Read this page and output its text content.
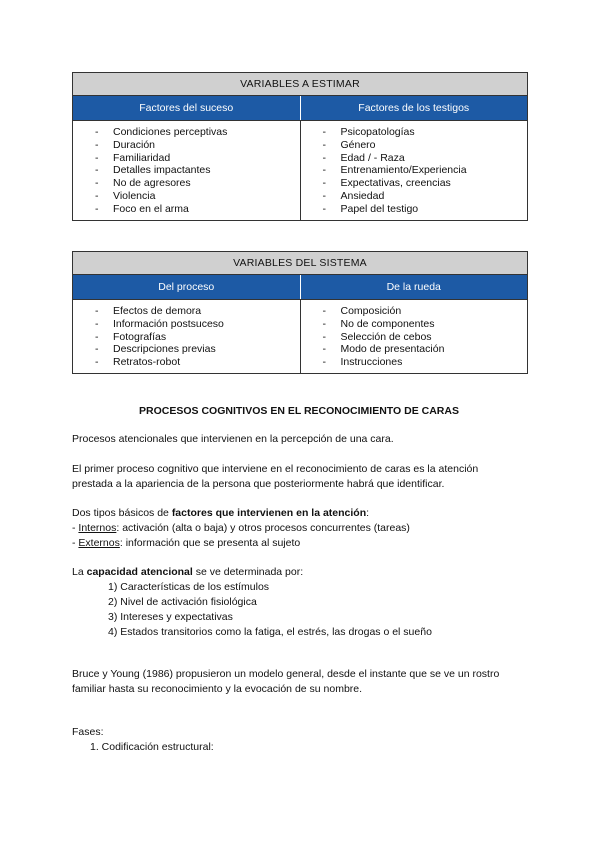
VARIABLES A ESTIMAR
Factores del suceso	Factores de los testigos
- Condiciones perceptivas
- Duración
- Familiaridad
- Detalles impactantes
- No de agresores
- Violencia
- Foco en el arma
- Psicopatologías
- Género
- Edad / - Raza
- Entrenamiento/Experiencia
- Expectativas, creencias
- Ansiedad
- Papel del testigo
VARIABLES DEL SISTEMA
Del proceso	De la rueda
- Efectos de demora
- Información postsuceso
- Fotografías
- Descripciones previas
- Retratos-robot
- Composición
- No de componentes
- Selección de cebos
- Modo de presentación
- Instrucciones
PROCESOS COGNITIVOS EN EL RECONOCIMIENTO DE CARAS
Procesos atencionales que intervienen en la percepción de una cara.
El primer proceso cognitivo que interviene en el reconocimiento de caras es la atención
prestada a la apariencia de la persona que posteriormente habrá que identificar.
Dos tipos básicos de factores que intervienen en la atención:
- Internos: activación (alta o baja) y otros procesos concurrentes (tareas)
- Externos: información que se presenta al sujeto
La capacidad atencional se ve determinada por:
1) Características de los estímulos
2) Nivel de activación fisiológica
3) Intereses y expectativas
4) Estados transitorios como la fatiga, el estrés, las drogas o el sueño
Bruce y Young (1986) propusieron un modelo general, desde el instante que se ve un rostro
familiar hasta su reconocimiento y la evocación de su nombre.
Fases:
1. Codificación estructural:
